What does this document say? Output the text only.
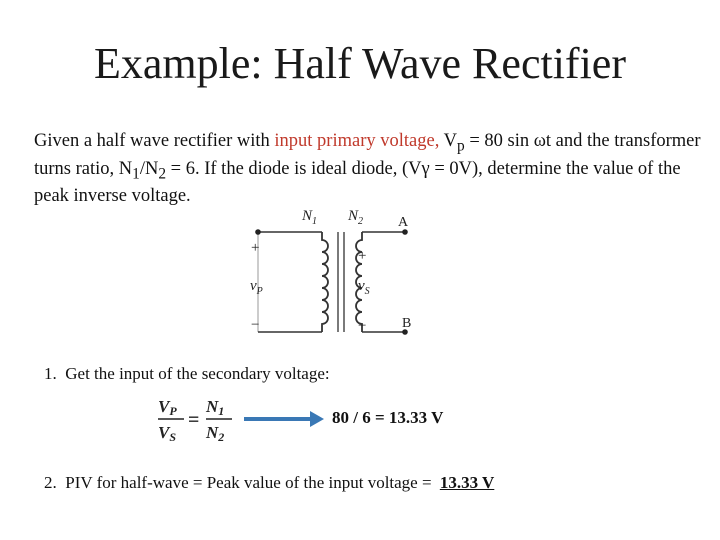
Example: Half Wave Rectifier
Given a half wave rectifier with input primary voltage, $V_p = 80$ sin ωt and the transformer turns ratio, $N_1/N_2 = 6$. If the diode is ideal diode, (Vγ = 0V), determine the value of the peak inverse voltage.
$N_1$ $N_2$ A
B
+
−
$v_P$
+
−
$v_S$
1. Get the input of the secondary voltage:
VP
VS
=
N1
N2
80 / 6 = 13.33 V
2. PIV for half-wave = Peak value of the input voltage = 13.33 V
